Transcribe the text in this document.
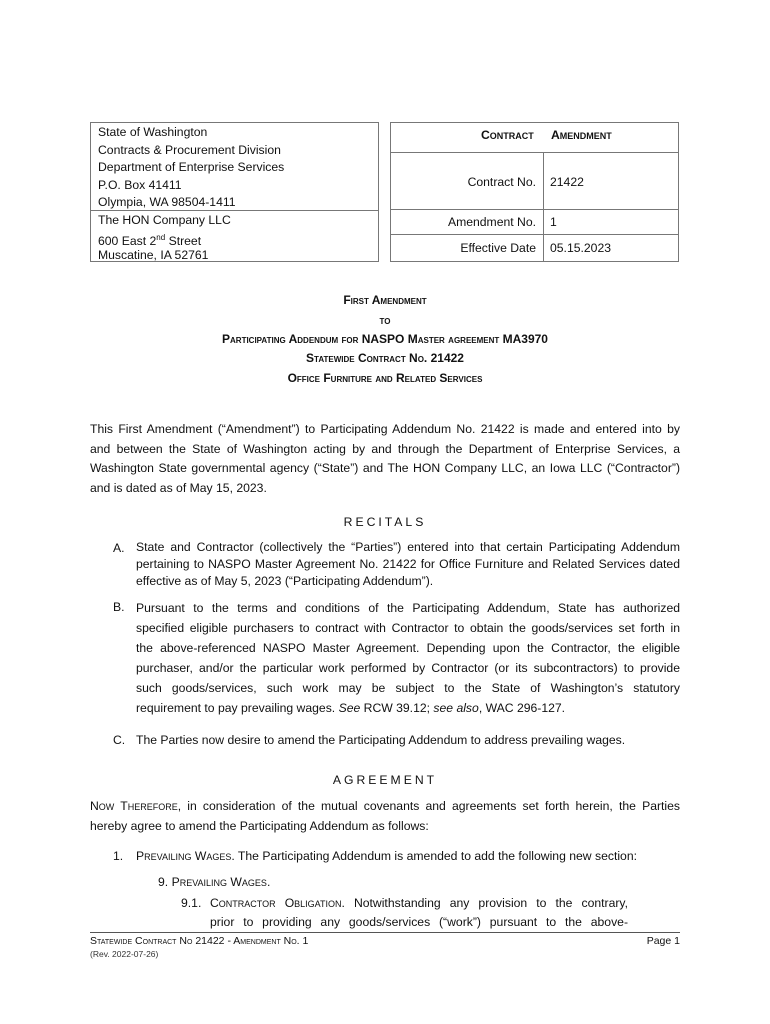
State of Washington
Contracts & Procurement Division
Department of Enterprise Services
P.O. Box 41411
Olympia, WA 98504-1411
The HON Company LLC
600 East 2nd Street
Muscatine, IA 52761
Contract Amendment
Contract No. 21422
Amendment No. 1
Effective Date 05.15.2023
First Amendment
to
Participating Addendum for NASPO Master agreement MA3970
Statewide Contract No. 21422
Office Furniture and Related Services
This First Amendment (“Amendment”) to Participating Addendum No. 21422 is made and entered into by
and between the State of Washington acting by and through the Department of Enterprise Services, a
Washington State governmental agency (“State”) and The HON Company LLC, an Iowa LLC (“Contractor”)
and is dated as of May 15, 2023.
RECITALS
A. State and Contractor (collectively the “Parties”) entered into that certain Participating Addendum
pertaining to NASPO Master Agreement No. 21422 for Office Furniture and Related Services dated
effective as of May 5, 2023 (“Participating Addendum”).
B. Pursuant to the terms and conditions of the Participating Addendum, State has authorized
specified eligible purchasers to contract with Contractor to obtain the goods/services set forth in
the above-referenced NASPO Master Agreement. Depending upon the Contractor, the eligible
purchaser, and/or the particular work performed by Contractor (or its subcontractors) to provide
such goods/services, such work may be subject to the State of Washington’s statutory
requirement to pay prevailing wages. See RCW 39.12; see also, WAC 296-127.
C. The Parties now desire to amend the Participating Addendum to address prevailing wages.
AGREEMENT
Now Therefore, in consideration of the mutual covenants and agreements set forth herein, the Parties
hereby agree to amend the Participating Addendum as follows:
1. Prevailing Wages. The Participating Addendum is amended to add the following new section:
9. Prevailing Wages.
9.1. Contractor Obligation. Notwithstanding any provision to the contrary,
prior to providing any goods/services (“work”) pursuant to the above-
Statewide Contract No 21422 - Amendment No. 1	Page 1
(Rev. 2022-07-26)
